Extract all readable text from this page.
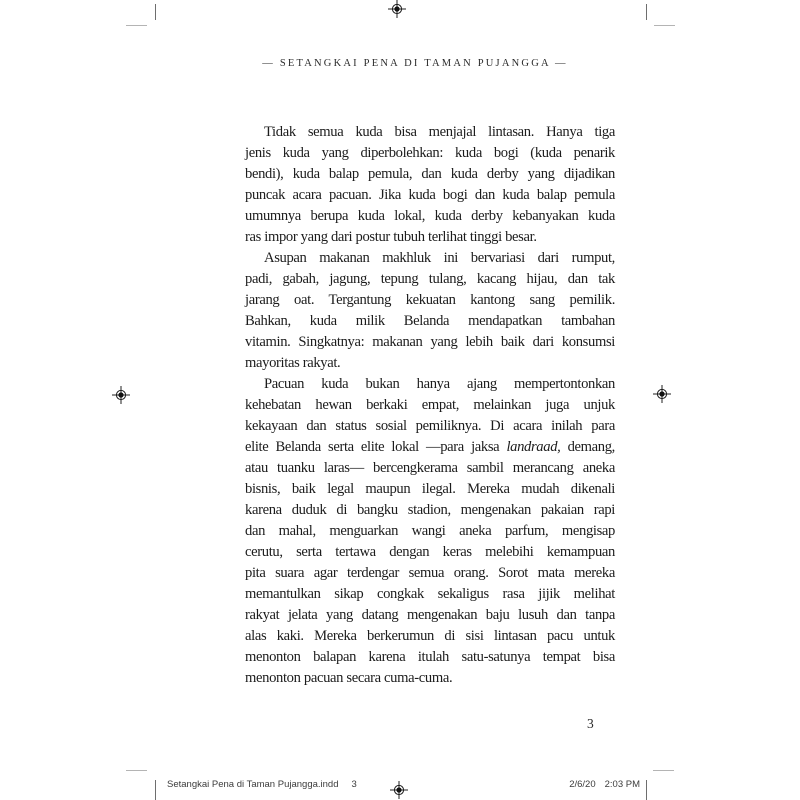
— SETANGKAI PENA DI TAMAN PUJANGGA —
Tidak semua kuda bisa menjajal lintasan. Hanya tiga
jenis kuda yang diperbolehkan: kuda bogi (kuda penarik
bendi), kuda balap pemula, dan kuda derby yang dijadikan
puncak acara pacuan. Jika kuda bogi dan kuda balap pemula
umumnya berupa kuda lokal, kuda derby kebanyakan kuda
ras impor yang dari postur tubuh terlihat tinggi besar.
Asupan makanan makhluk ini bervariasi dari rumput,
padi, gabah, jagung, tepung tulang, kacang hijau, dan tak
jarang oat. Tergantung kekuatan kantong sang pemilik.
Bahkan, kuda milik Belanda mendapatkan tambahan
vitamin. Singkatnya: makanan yang lebih baik dari konsumsi
mayoritas rakyat.
Pacuan kuda bukan hanya ajang mempertontonkan
kehebatan hewan berkaki empat, melainkan juga unjuk
kekayaan dan status sosial pemiliknya. Di acara inilah para
elite Belanda serta elite lokal —para jaksa landraad, demang,
atau tuanku laras— bercengkerama sambil merancang aneka
bisnis, baik legal maupun ilegal. Mereka mudah dikenali
karena duduk di bangku stadion, mengenakan pakaian rapi
dan mahal, menguarkan wangi aneka parfum, mengisap
cerutu, serta tertawa dengan keras melebihi kemampuan
pita suara agar terdengar semua orang. Sorot mata mereka
memantulkan sikap congkak sekaligus rasa jijik melihat
rakyat jelata yang datang mengenakan baju lusuh dan tanpa
alas kaki. Mereka berkerumun di sisi lintasan pacu untuk
menonton balapan karena itulah satu-satunya tempat bisa
menonton pacuan secara cuma-cuma.
3
Setangkai Pena di Taman Pujangga.indd 3	2/6/20 2:03 PM
